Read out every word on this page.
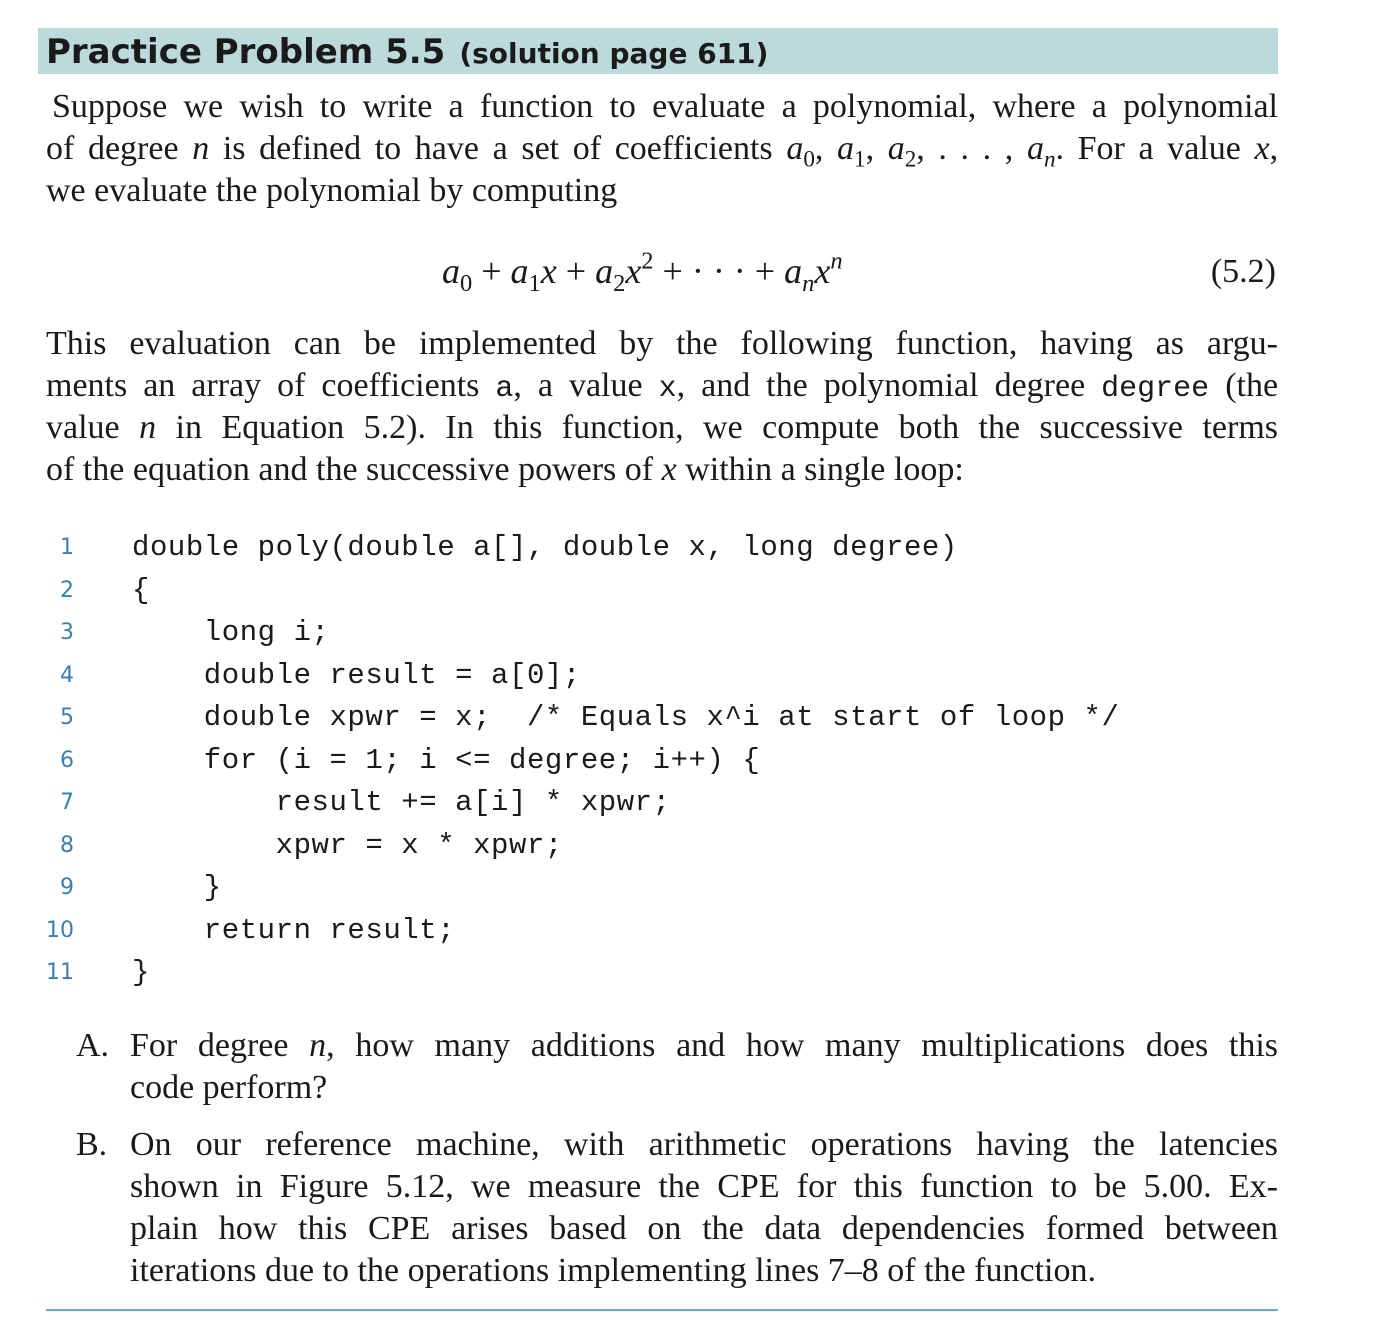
Practice Problem 5.5 (solution page 611)
Suppose we wish to write a function to evaluate a polynomial, where a polynomial
of degree n is defined to have a set of coefficients $a_0$, $a_1$, $a_2$, . . . , $a_n$. For a value x,
we evaluate the polynomial by computing
$a_0 + a_1x + a_2x^2$ + · · · + $a_nx^n$	(5.2)
This evaluation can be implemented by the following function, having as argu-
ments an array of coefficients a, a value x, and the polynomial degree degree (the
value n in Equation 5.2). In this function, we compute both the successive terms
of the equation and the successive powers of x within a single loop:
1 double poly(double a[], double x, long degree)
2 {
3 long i;
4 double result = a[0];
5 double xpwr = x;  /* Equals x^i at start of loop */
6 for (i = 1; i <= degree; i++) {
7 result += a[i] * xpwr;
8 xpwr = x * xpwr;
9 }
10 return result;
11 }
A. For degree n, how many additions and how many multiplications does this
code perform?
B. On our reference machine, with arithmetic operations having the latencies
shown in Figure 5.12, we measure the CPE for this function to be 5.00. Ex-
plain how this CPE arises based on the data dependencies formed between
iterations due to the operations implementing lines 7–8 of the function.
